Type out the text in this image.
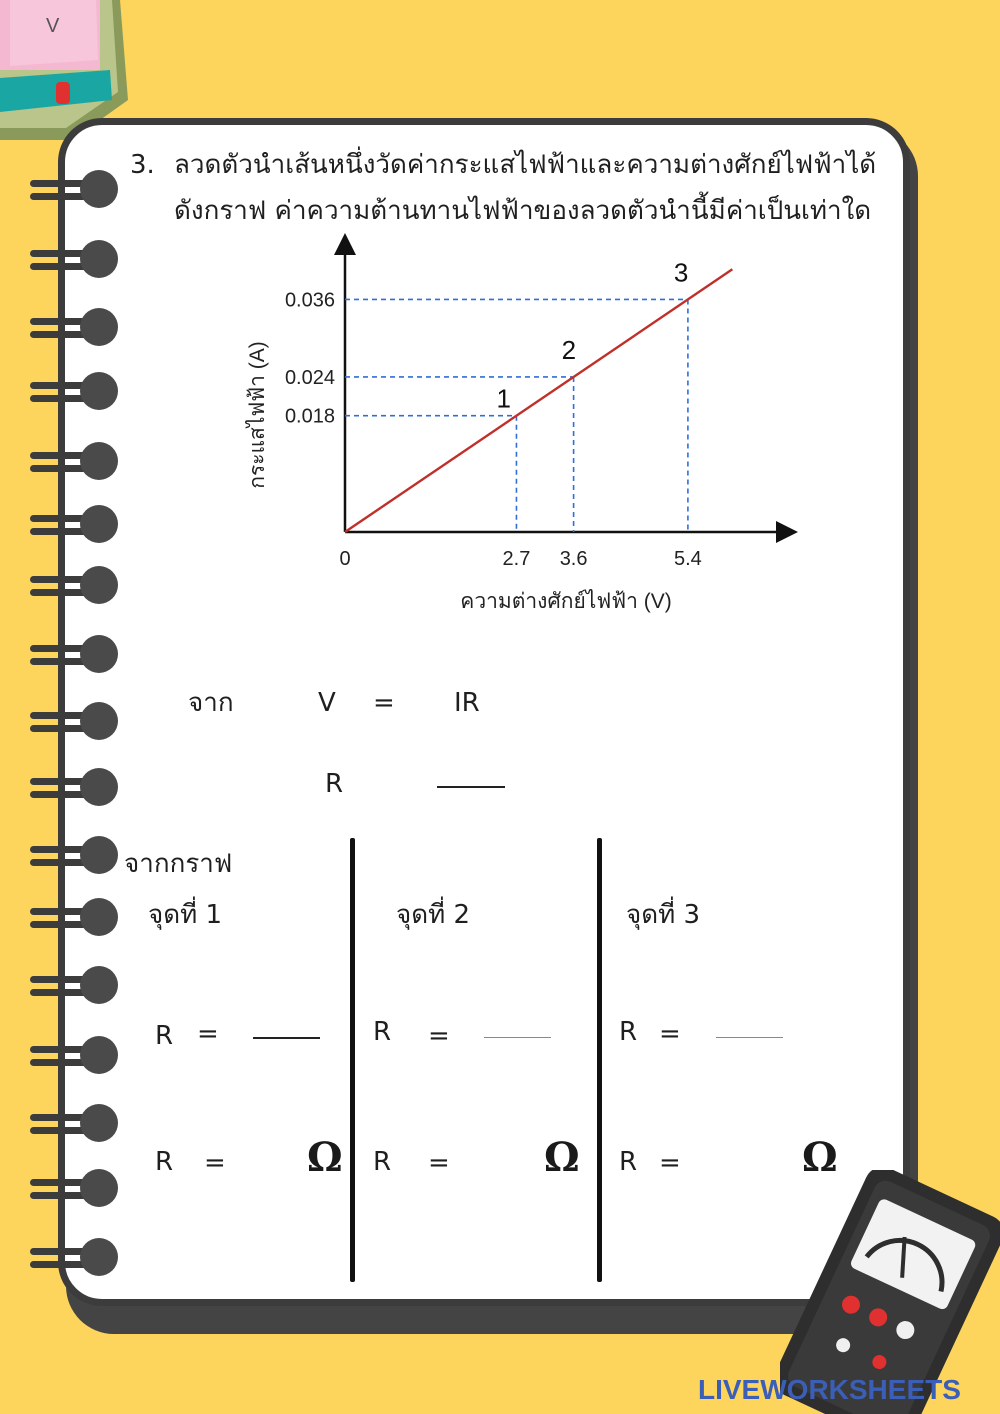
V
3. ลวดตัวนำเส้นหนึ่งวัดค่ากระแสไฟฟ้าและความต่างศักย์ไฟฟ้าได้
ดังกราฟ ค่าความต้านทานไฟฟ้าของลวดตัวนำนี้มีค่าเป็นเท่าใด
1
2
3
0	2.7 3.6	5.4
0.018
0.024
0.036
ความต่างศักย์ไฟฟ้า (V)
กระแสไฟฟ้า (A)
จาก	V = IR
R
จากกราฟ
จุดที่ 1
R =
R = Ω
จุดที่ 2
R =
R = Ω
จุดที่ 3
R =
R =	Ω
LIVEWORKSHEETS
